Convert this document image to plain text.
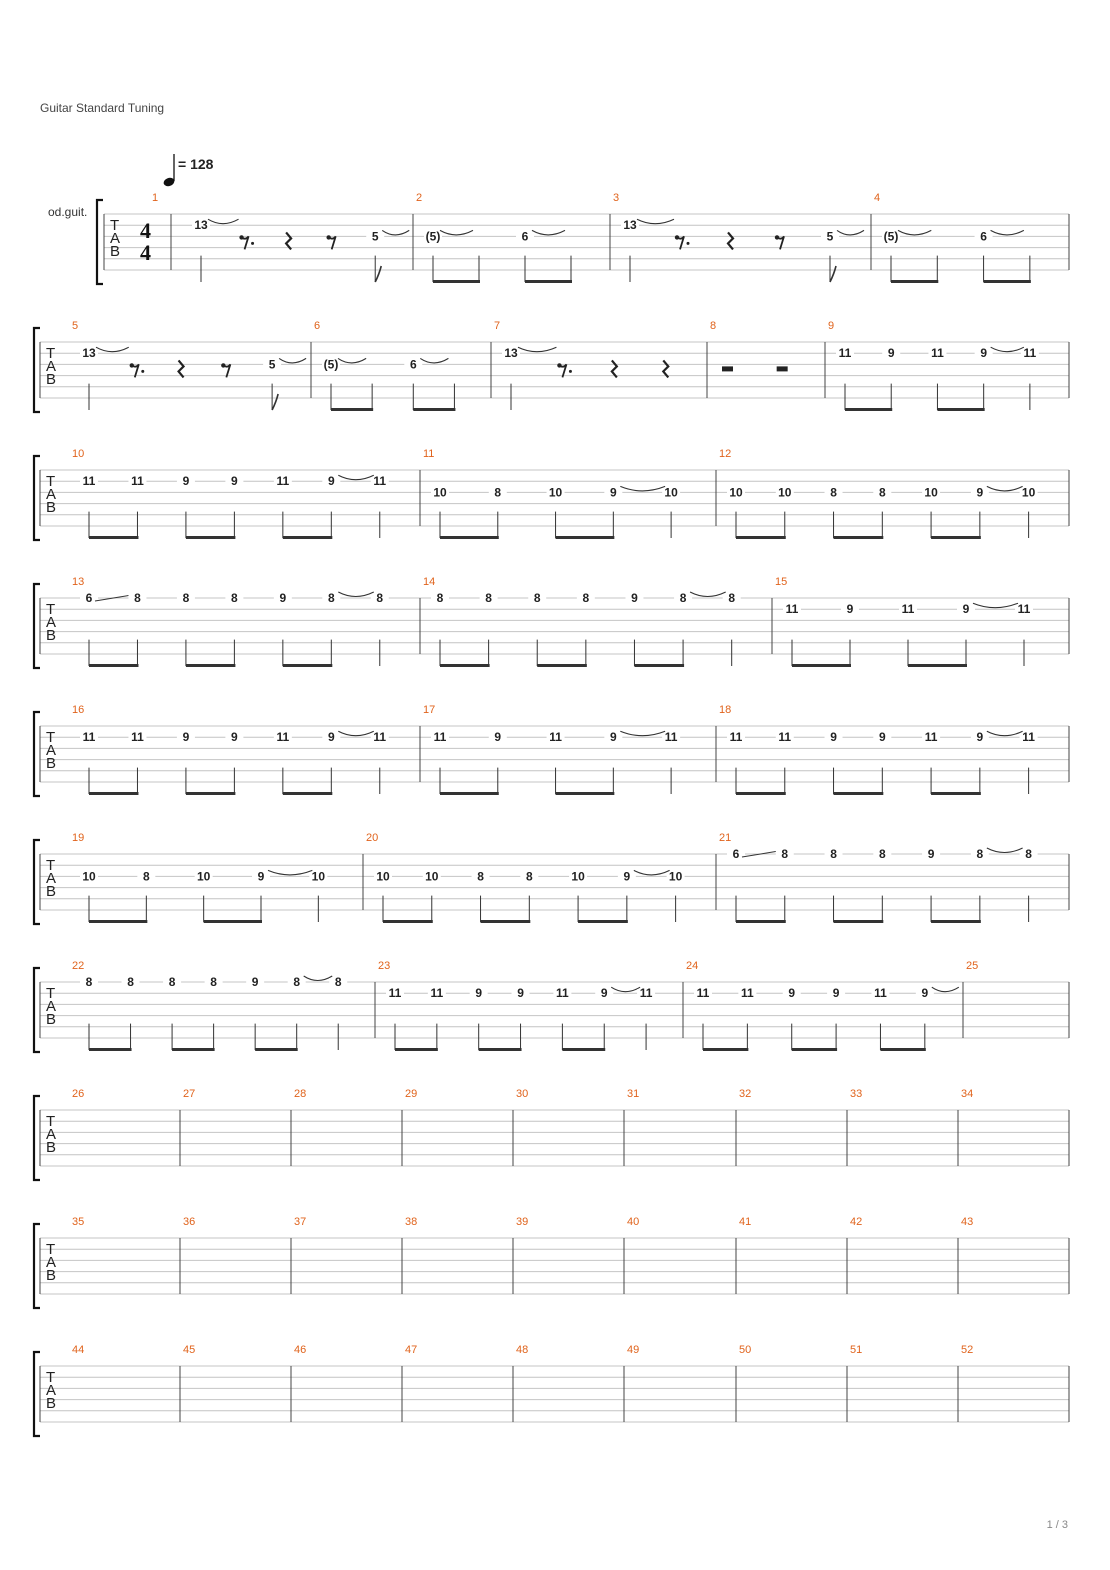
Guitar Standard Tuning
= 128
od.guit.
T
A
B
4
4
1
13
5
2
(5)	6
3
13
5
4
(5)	6
T
A
B
5
13
5
6
(5)	6
7
13
8	9
11	9	11	9	11
T
A
B
10
11	11	9	9	11	9	11
11
10	8	10	9	10
12
10	10	8	8	10	9	10
T
A
B
13
6	8	8	8	9	8	8
14
8	8	8	8	9	8	8
15
11	9	11	9	11
T
A
B
16
11	11	9	9	11	9	11
17
11	9	11	9	11
18
11	11	9	9	11	9	11
T
A
B
19
10	8	10	9	10
20
10	10	8	8	10	9	10
21
6	8	8	8	9	8	8
T
A
B
22
8	8	8	8	9	8	8
23
11 11	9	9	11	9	11
24
11	11	9	9	11	9
25
T
A
B
26	27	28	29	30	31	32	33	34
T
A
B
35	36	37	38	39	40	41	42	43
T
A
B
44	45	46	47	48	49	50	51	52
1 / 3
